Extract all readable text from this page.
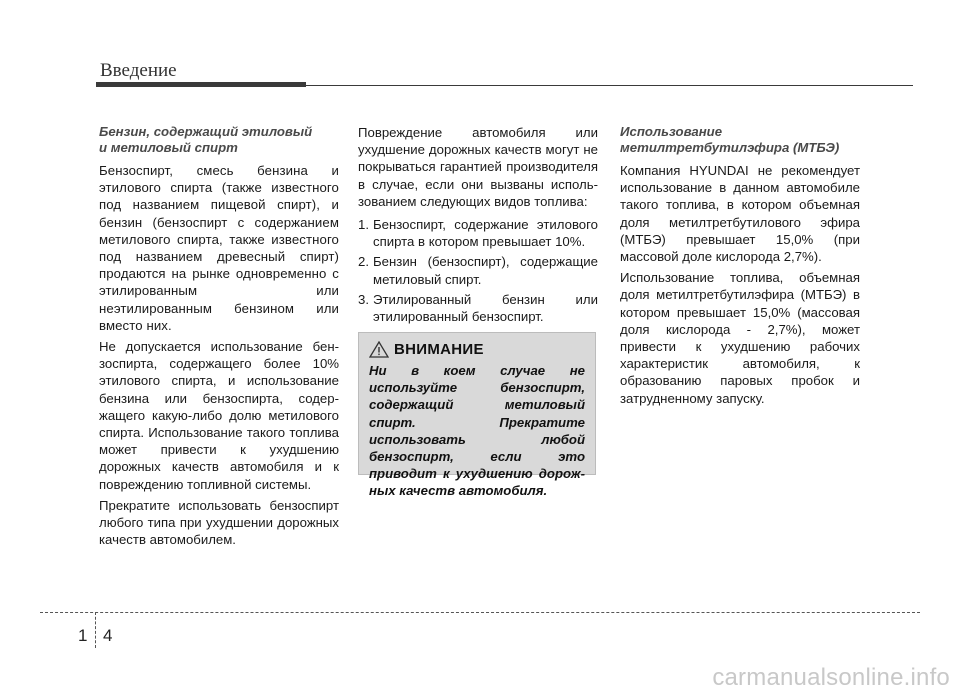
Введение
Бензин, содержащий этиловый
и метиловый спирт

Бензоспирт, смесь бензина и этилового спирта (также известного под названием пищевой спирт), и бензин (бензоспирт с содержанием метилового спирта, также известного под названием древесный спирт) продаются на рынке одновременно с этилированным или неэтилированным бензином или вместо них.

Не допускается использование бен-зоспирта, содержащего более 10% этилового спирта, и использование бензина или бензоспирта, содер-жащего какую-либо долю метилового спирта. Использование такого топлива может привести к ухудшению дорожных качеств автомобиля и к повреждению топливной системы.

Прекратите использовать бензоспирт любого типа при ухудшении дорожных качеств автомобилем.

Повреждение автомобиля или ухудшение дорожных качеств могут не покрываться гарантией производителя в случае, если они вызваны исполь-зованием следующих видов топлива:

1. Бензоспирт, содержание этилового спирта в котором превышает 10%.
2. Бензин (бензоспирт), содержащие метиловый спирт.
3. Этилированный бензин или этилированный бензоспирт.
ВНИМАНИЕ
Ни в коем случае не используйте бензоспирт, содержащий метиловый спирт. Прекратите использовать любой бензоспирт, если это приводит к ухудшению дорож-ных качеств автомобиля.
Использование
метилтретбутилэфира (МТБЭ)

Компания HYUNDAI не рекомендует использование в данном автомобиле такого топлива, в котором объемная доля метилтретбутилового эфира (МТБЭ) превышает 15,0% (при массовой доле кислорода 2,7%).

Использование топлива, объемная доля метилтретбутилэфира (МТБЭ) в котором превышает 15,0% (массовая доля кислорода - 2,7%), может привести к ухудшению рабочих характеристик автомобиля, к образованию паровых пробок и затрудненному запуску.

1 4
carmanualsonline.info
